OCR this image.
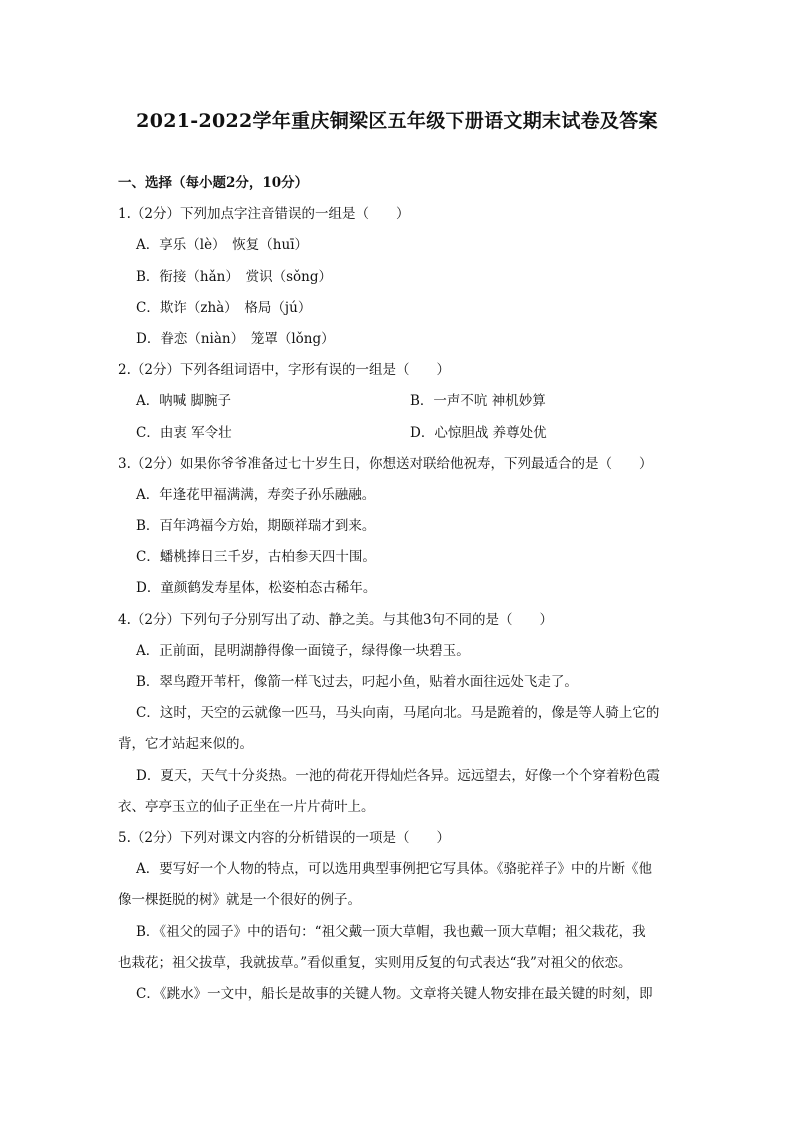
2021-2022学年重庆铜梁区五年级下册语文期末试卷及答案
一、选择（每小题2分，10分）
1.（2分）下列加点字注音错误的一组是（　　）
A．享乐（lè）　恢复（huī）
B．衔接（hǎn）　赏识（sǒng）
C．欺诈（zhà）　格局（jú）
D．眷恋（niàn）　笼罩（lǒng）
2.（2分）下列各组词语中，字形有误的一组是（　　）
A．呐喊 脚腕子	B．一声不吭 神机妙算
C．由衷 军令壮	D．心惊胆战 养尊处优
3.（2分）如果你爷爷准备过七十岁生日，你想送对联给他祝寿，下列最适合的是（　　）
A．年逢花甲福满满，寿奕子孙乐融融。
B．百年鸿福今方始，期颐祥瑞才到来。
C．蟠桃捧日三千岁，古柏参天四十围。
D．童颜鹤发寿星体，松姿柏态古稀年。
4.（2分）下列句子分别写出了动、静之美。与其他3句不同的是（　　）
A．正前面，昆明湖静得像一面镜子，绿得像一块碧玉。
B．翠鸟蹬开苇杆，像箭一样飞过去，叼起小鱼，贴着水面往远处飞走了。
C．这时，天空的云就像一匹马，马头向南，马尾向北。马是跪着的，像是等人骑上它的
背，它才站起来似的。
D．夏天，天气十分炎热。一池的荷花开得灿烂各异。远远望去，好像一个个穿着粉色霞
衣、亭亭玉立的仙子正坐在一片片荷叶上。
5.（2分）下列对课文内容的分析错误的一项是（　　）
A．要写好一个人物的特点，可以选用典型事例把它写具体。《骆驼祥子》中的片断《他
像一棵挺脱的树》就是一个很好的例子。
B．《祖父的园子》中的语句：“祖父戴一顶大草帽，我也戴一顶大草帽；祖父栽花，我
也栽花；祖父拔草，我就拔草。”看似重复，实则用反复的句式表达“我”对祖父的依恋。
C．《跳水》一文中，船长是故事的关键人物。文章将关键人物安排在最关键的时刻，即
